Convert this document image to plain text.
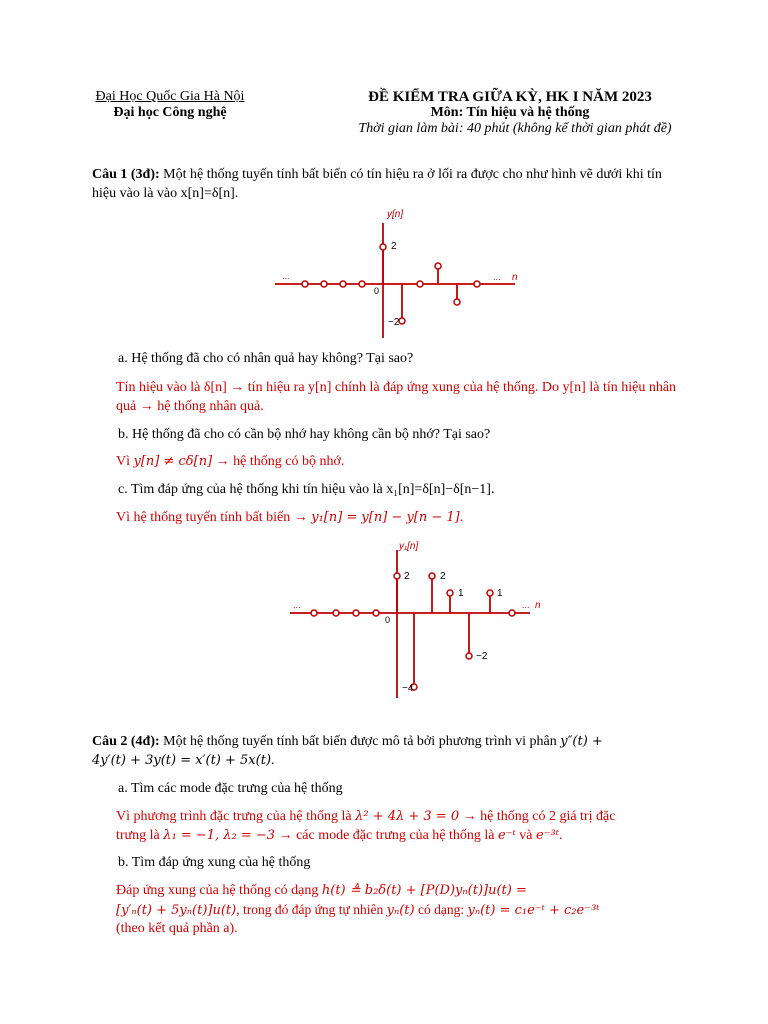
Đại Học Quốc Gia Hà Nội
Đại học Công nghệ
ĐỀ KIỂM TRA GIỮA KỲ, HK I NĂM 2023
Môn: Tín hiệu và hệ thống
Thời gian làm bài: 40 phút (không kể thời gian phát đề)
Câu 1 (3đ): Một hệ thống tuyến tính bất biến có tín hiệu ra ở lối ra được cho như hình vẽ dưới khi tín hiệu vào là vào x[n]=δ[n].
y[n]
n
0
...	...
2
−2
a. Hệ thống đã cho có nhân quả hay không? Tại sao?
Tín hiệu vào là δ[n] → tín hiệu ra y[n] chính là đáp ứng xung của hệ thống. Do y[n] là tín hiệu nhân quả → hệ thống nhân quả.
b. Hệ thống đã cho có cần bộ nhớ hay không cần bộ nhớ? Tại sao?
Vì y[n] ≠ cδ[n] → hệ thống có bộ nhớ.
c. Tìm đáp ứng của hệ thống khi tín hiệu vào là x₁[n]=δ[n]−δ[n−1].
Vì hệ thống tuyến tính bất biến → y₁[n] = y[n] − y[n − 1].
y₁[n]
n
0
...	...
2	2
1	1
−2
−4
Câu 2 (4đ): Một hệ thống tuyến tính bất biến được mô tả bởi phương trình vi phân y″(t) +
4y′(t) + 3y(t) = x′(t) + 5x(t).
a. Tìm các mode đặc trưng của hệ thống
Vì phương trình đặc trưng của hệ thống là λ² + 4λ + 3 = 0 → hệ thống có 2 giá trị đặc
trưng là λ₁ = −1, λ₂ = −3 → các mode đặc trưng của hệ thống là e⁻ᵗ và e⁻³ᵗ.
b. Tìm đáp ứng xung của hệ thống
Đáp ứng xung của hệ thống có dạng h(t) ≜ b₂δ(t) + [P(D)yₙ(t)]u(t) =
[y′ₙ(t) + 5yₙ(t)]u(t), trong đó đáp ứng tự nhiên yₙ(t) có dạng: yₙ(t) = c₁e⁻ᵗ + c₂e⁻³ᵗ
(theo kết quả phần a).
